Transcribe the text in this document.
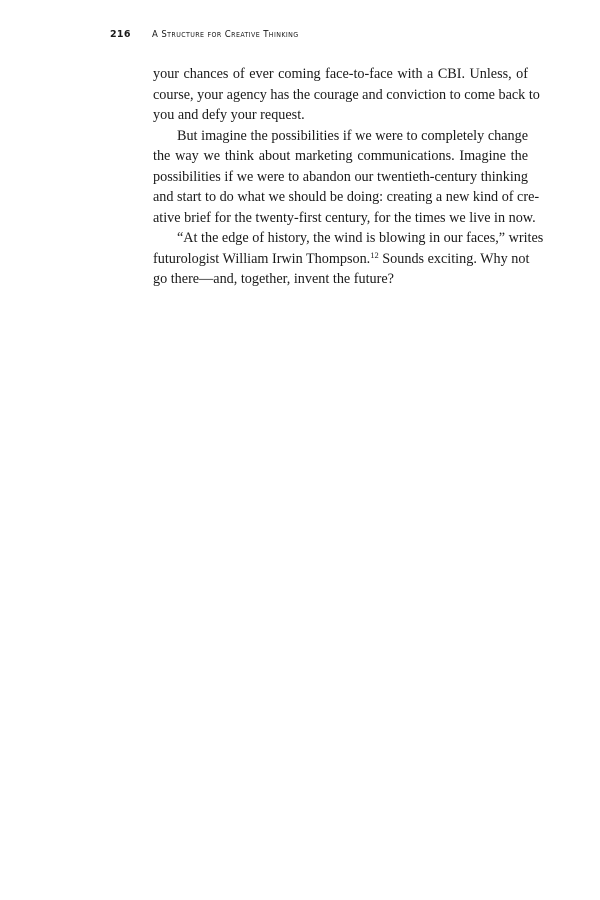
216 A Structure for Creative Thinking

your chances of ever coming face-to-face with a CBI. Unless, of
course, your agency has the courage and conviction to come back to
you and defy your request.

But imagine the possibilities if we were to completely change
the way we think about marketing communications. Imagine the
possibilities if we were to abandon our twentieth-century thinking
and start to do what we should be doing: creating a new kind of cre-
ative brief for the twenty-first century, for the times we live in now.

“At the edge of history, the wind is blowing in our faces,” writes
futurologist William Irwin Thompson.$^{12}$ Sounds exciting. Why not
go there—and, together, invent the future?
